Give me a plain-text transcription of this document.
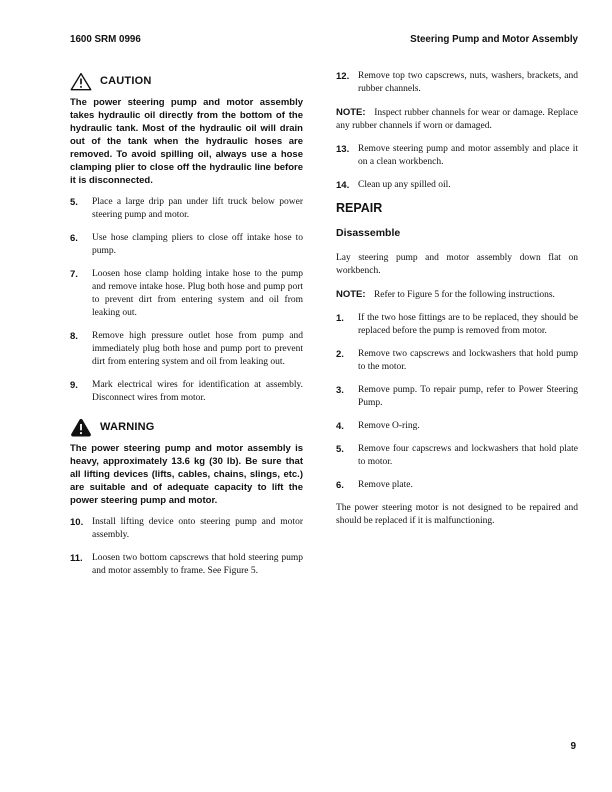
1600 SRM 0996	Steering Pump and Motor Assembly
CAUTION

The power steering pump and motor assembly takes hydraulic oil directly from the bottom of the hydraulic tank. Most of the hydraulic oil will drain out of the tank when the hydraulic hoses are removed. To avoid spilling oil, always use a hose clamping plier to close off the hydraulic line before it is disconnected.

5. Place a large drip pan under lift truck below power steering pump and motor.
6. Use hose clamping pliers to close off intake hose to pump.
7. Loosen hose clamp holding intake hose to the pump and remove intake hose. Plug both hose and pump port to prevent dirt from entering system and oil from leaking out.
8. Remove high pressure outlet hose from pump and immediately plug both hose and pump port to prevent dirt from entering system and oil from leaking out.
9. Mark electrical wires for identification at assembly. Disconnect wires from motor.
WARNING

The power steering pump and motor assembly is heavy, approximately 13.6 kg (30 lb). Be sure that all lifting devices (lifts, cables, chains, slings, etc.) are suitable and of adequate capacity to lift the power steering pump and motor.

10. Install lifting device onto steering pump and motor assembly.
11. Loosen two bottom capscrews that hold steering pump and motor assembly to frame. See Figure 5.
12. Remove top two capscrews, nuts, washers, brackets, and rubber channels.

NOTE: Inspect rubber channels for wear or damage. Replace any rubber channels if worn or damaged.

13. Remove steering pump and motor assembly and place it on a clean workbench.
14. Clean up any spilled oil.
REPAIR
Disassemble

Lay steering pump and motor assembly down flat on workbench.

NOTE: Refer to Figure 5 for the following instructions.

1. If the two hose fittings are to be replaced, they should be replaced before the pump is removed from motor.
2. Remove two capscrews and lockwashers that hold pump to the motor.
3. Remove pump. To repair pump, refer to Power Steering Pump.
4. Remove O-ring.
5. Remove four capscrews and lockwashers that hold plate to motor.
6. Remove plate.

The power steering motor is not designed to be repaired and should be replaced if it is malfunctioning.

9
